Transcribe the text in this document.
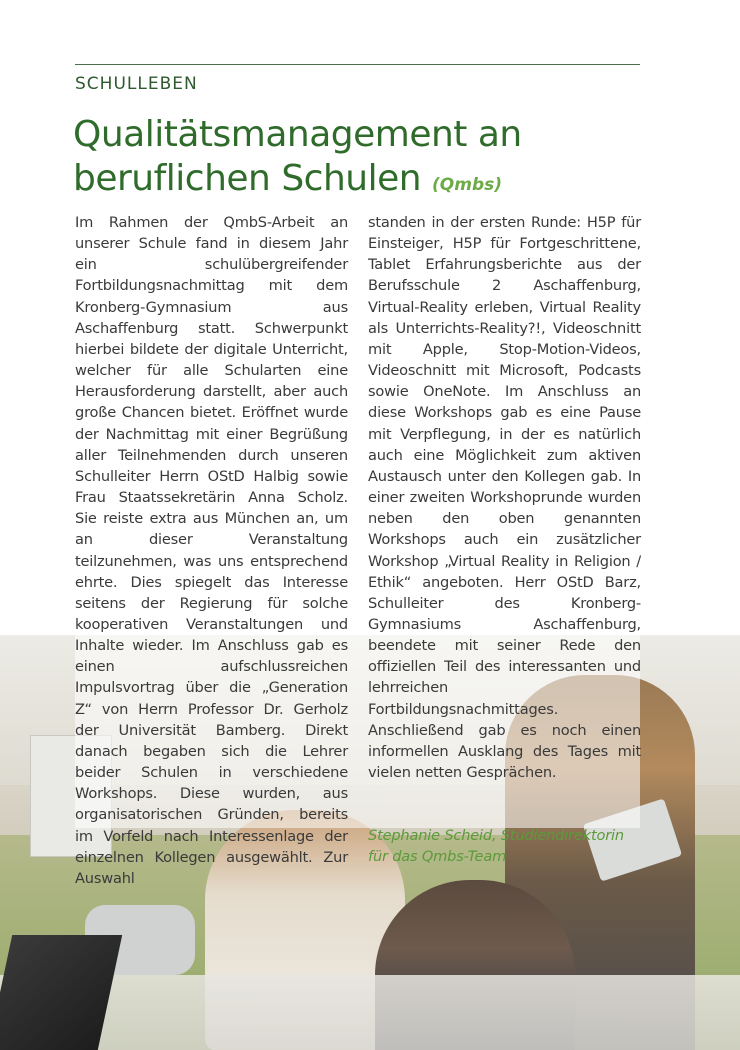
SCHULLEBEN
Qualitätsmanagement an beruflichen Schulen (Qmbs)

Im Rahmen der QmbS-Arbeit an unserer Schule fand in diesem Jahr ein schulübergreifender Fortbildungsnachmittag mit dem Kronberg-Gymnasium aus Aschaffenburg statt. Schwerpunkt hierbei bildete der digitale Unterricht, welcher für alle Schularten eine Herausforderung darstellt, aber auch große Chancen bietet. Eröffnet wurde der Nachmittag mit einer Begrüßung aller Teilnehmenden durch unseren Schulleiter Herrn OStD Halbig sowie Frau Staatssekretärin Anna Scholz. Sie reiste extra aus München an, um an dieser Veranstaltung teilzunehmen, was uns entsprechend ehrte. Dies spiegelt das Interesse seitens der Regierung für solche kooperativen Veranstaltungen und Inhalte wieder. Im Anschluss gab es einen aufschlussreichen Impulsvortrag über die „Generation Z“ von Herrn Professor Dr. Gerholz der Universität Bamberg. Direkt danach begaben sich die Lehrer beider Schulen in verschiedene Workshops. Diese wurden, aus organisatorischen Gründen, bereits im Vorfeld nach Interessenlage der einzelnen Kollegen ausgewählt. Zur Auswahl

standen in der ersten Runde: H5P für Einsteiger, H5P für Fortgeschrittene, Tablet Erfahrungsberichte aus der Berufsschule 2 Aschaffenburg, Virtual-Reality erleben, Virtual Reality als Unterrichts-Reality?!, Videoschnitt mit Apple, Stop-Motion-Videos, Videoschnitt mit Microsoft, Podcasts sowie OneNote. Im Anschluss an diese Workshops gab es eine Pause mit Verpflegung, in der es natürlich auch eine Möglichkeit zum aktiven Austausch unter den Kollegen gab. In einer zweiten Workshoprunde wurden neben den oben genannten Workshops auch ein zusätzlicher Workshop „Virtual Reality in Religion / Ethik“ angeboten. Herr OStD Barz, Schulleiter des Kronberg-Gymnasiums Aschaffenburg, beendete mit seiner Rede den offiziellen Teil des interessanten und lehrreichen Fortbildungsnachmittages. Anschließend gab es noch einen informellen Ausklang des Tages mit vielen netten Gesprächen.

Stephanie Scheid, Studiendirektorin
für das Qmbs-Team
